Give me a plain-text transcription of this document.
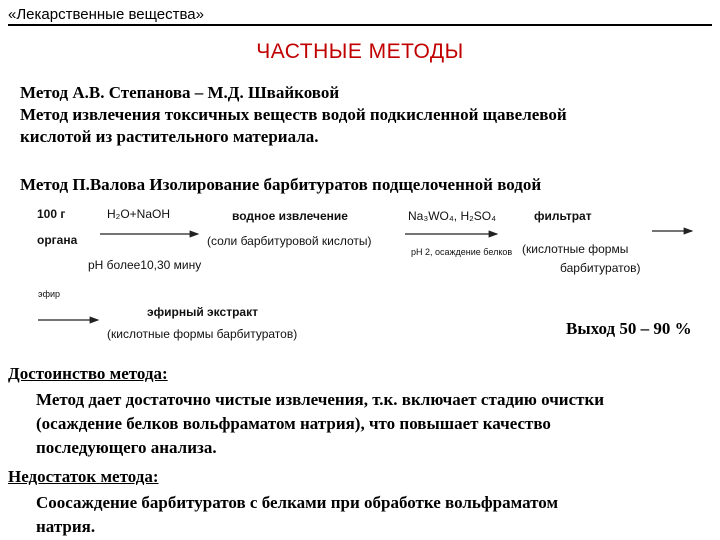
«Лекарственные вещества»
ЧАСТНЫЕ МЕТОДЫ
Метод А.В. Степанова – М.Д. Швайковой
Метод извлечения токсичных веществ водой подкисленной щавелевой
кислотой из растительного материала.
Метод П.Валова Изолирование барбитуратов подщелоченной водой
100 г
органа
H₂O+NaOH
pH более10,30 мину
водное извлечение
(соли барбитуровой кислоты)
Na₃WO₄, H₂SO₄
pH 2, осаждение белков
фильтрат
(кислотные формы
барбитуратов)
эфир
эфирный экстракт
(кислотные формы барбитуратов)	Выход 50 – 90 %
Достоинство метода:
Метод дает достаточно чистые извлечения, т.к. включает стадию очистки
(осаждение белков вольфраматом натрия), что повышает качество
последующего анализа.
Недостаток метода:
Соосаждение барбитуратов с белками при обработке вольфраматом
натрия.
